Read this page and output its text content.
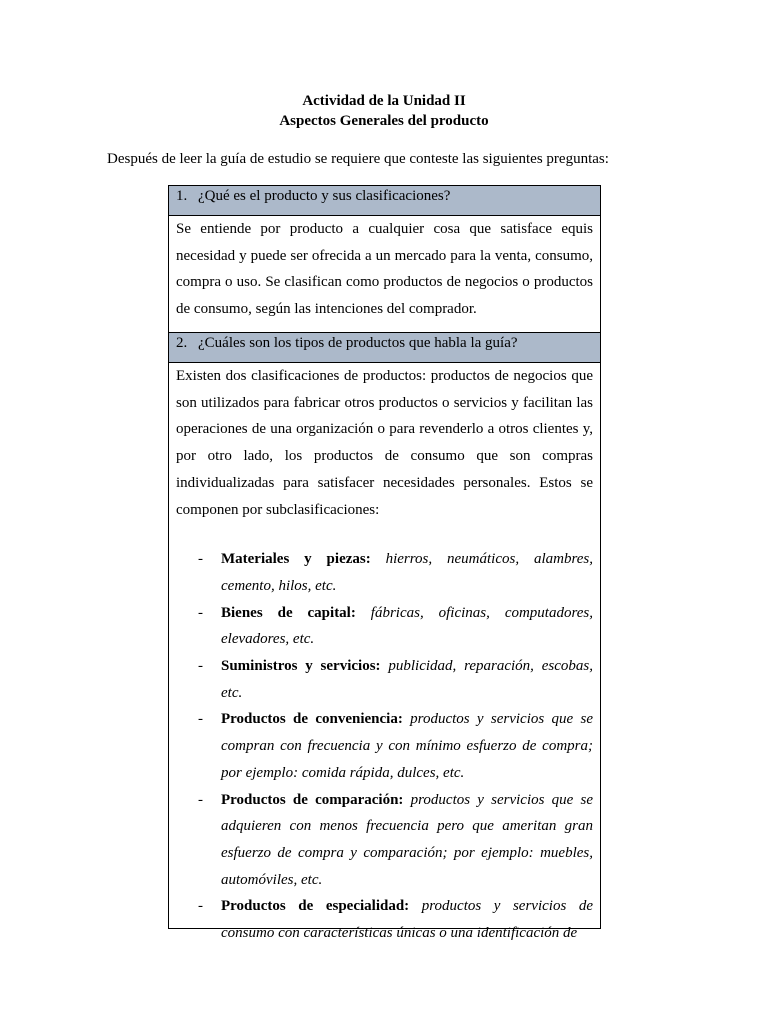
Actividad de la Unidad II
Aspectos Generales del producto
Después de leer la guía de estudio se requiere que conteste las siguientes preguntas:
1. ¿Qué es el producto y sus clasificaciones?

Se entiende por producto a cualquier cosa que satisface equis necesidad y puede ser ofrecida a un mercado para la venta, consumo, compra o uso. Se clasifican como productos de negocios o productos de consumo, según las intenciones del comprador.

2. ¿Cuáles son los tipos de productos que habla la guía?

Existen dos clasificaciones de productos: productos de negocios que son utilizados para fabricar otros productos o servicios y facilitan las operaciones de una organización o para revenderlo a otros clientes y, por otro lado, los productos de consumo que son compras individualizadas para satisfacer necesidades personales. Estos se componen por subclasificaciones:

- Materiales y piezas: hierros, neumáticos, alambres, cemento, hilos, etc.
- Bienes de capital: fábricas, oficinas, computadores, elevadores, etc.
- Suministros y servicios: publicidad, reparación, escobas, etc.
- Productos de conveniencia: productos y servicios que se compran con frecuencia y con mínimo esfuerzo de compra; por ejemplo: comida rápida, dulces, etc.
- Productos de comparación: productos y servicios que se adquieren con menos frecuencia pero que ameritan gran esfuerzo de compra y comparación; por ejemplo: muebles, automóviles, etc.
- Productos de especialidad: productos y servicios de consumo con características únicas o una identificación de
